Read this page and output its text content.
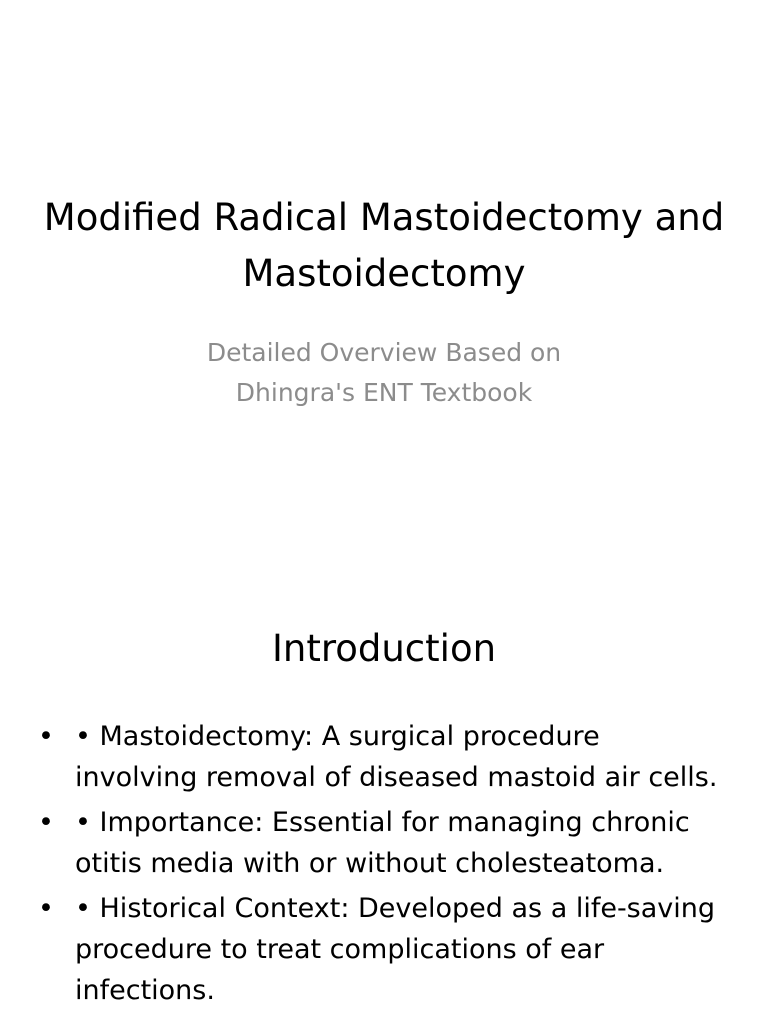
Modified Radical Mastoidectomy and Mastoidectomy
Detailed Overview Based on
Dhingra's ENT Textbook
Introduction
• • Mastoidectomy: A surgical procedure involving removal of diseased mastoid air cells.
• • Importance: Essential for managing chronic otitis media with or without cholesteatoma.
• • Historical Context: Developed as a life-saving procedure to treat complications of ear infections.
